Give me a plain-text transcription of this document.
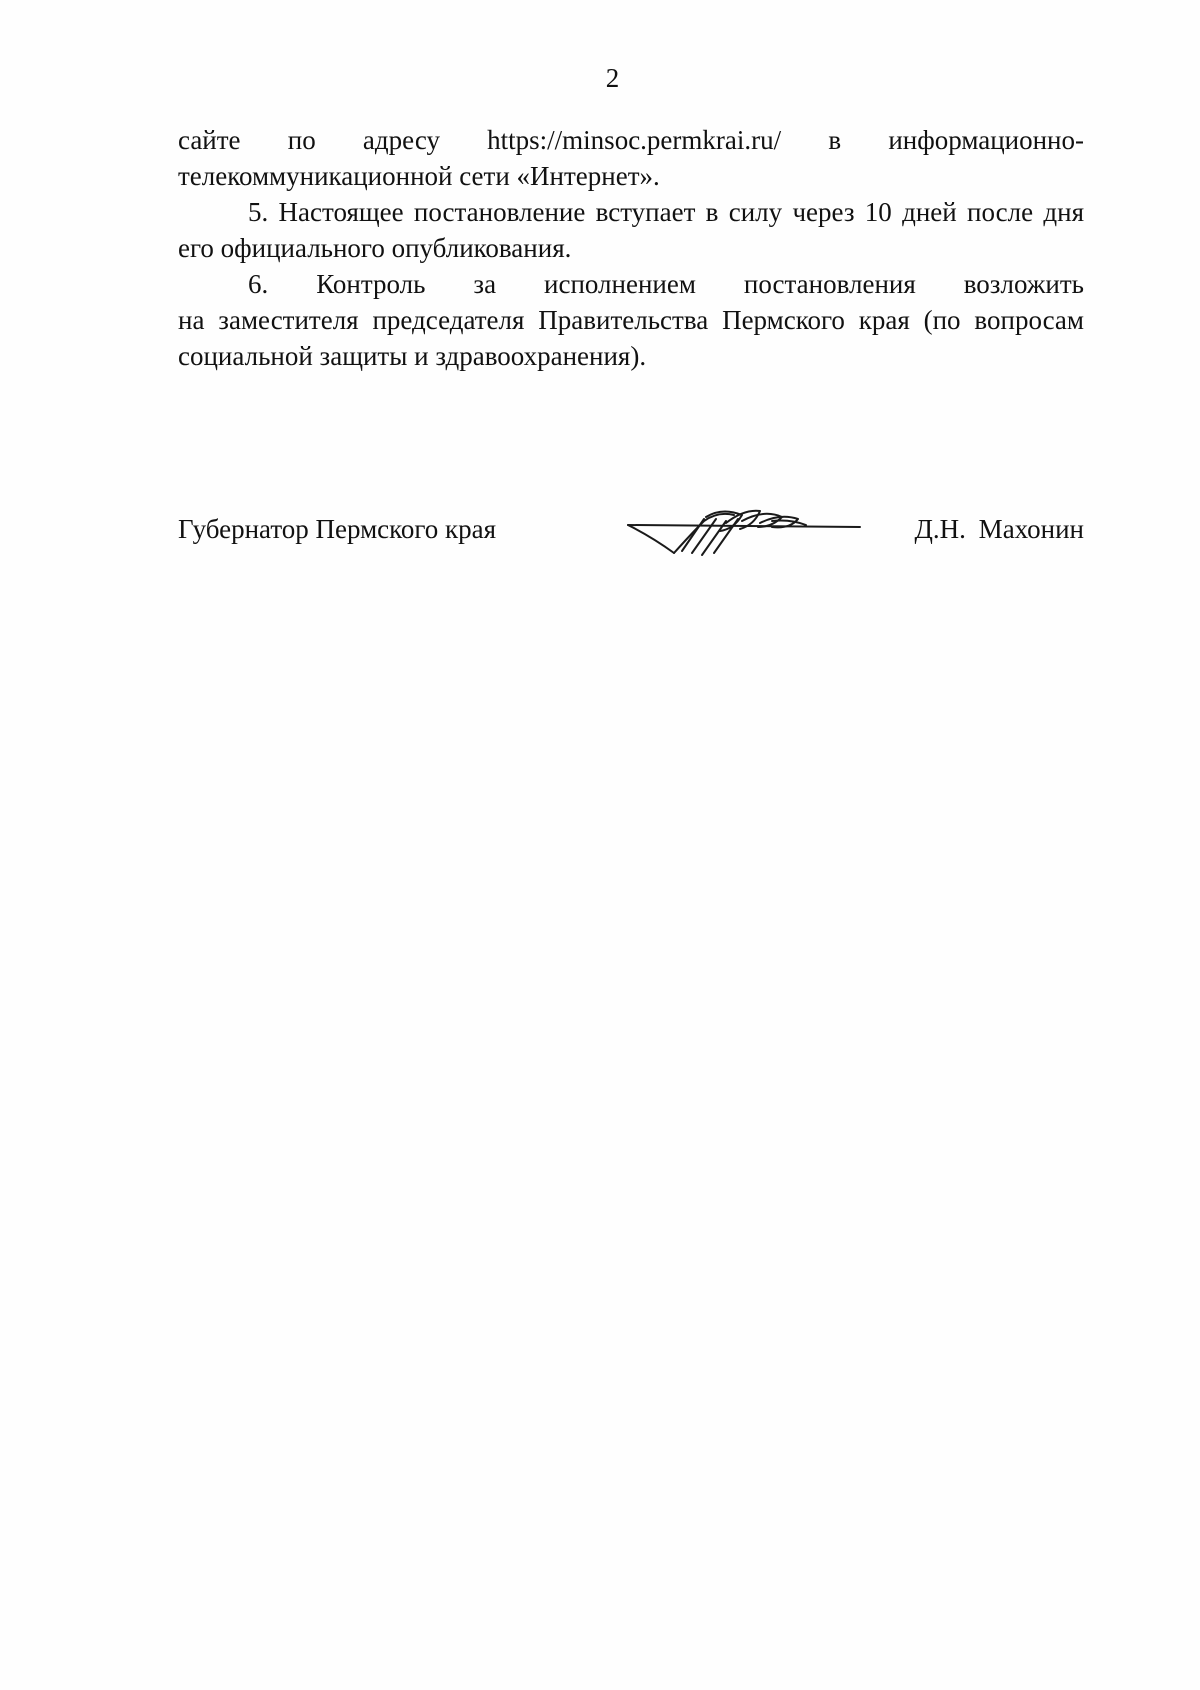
2

сайте по адресу https://minsoc.permkrai.ru/ в информационно-
телекоммуникационной сети «Интернет».

5. Настоящее постановление вступает в силу через 10 дней после дня его официального опубликования.

6. Контроль за исполнением постановления возложить
на заместителя председателя Правительства Пермского края (по вопросам социальной защиты и здравоохранения).

Губернатор Пермского края	Д.Н. Махонин
